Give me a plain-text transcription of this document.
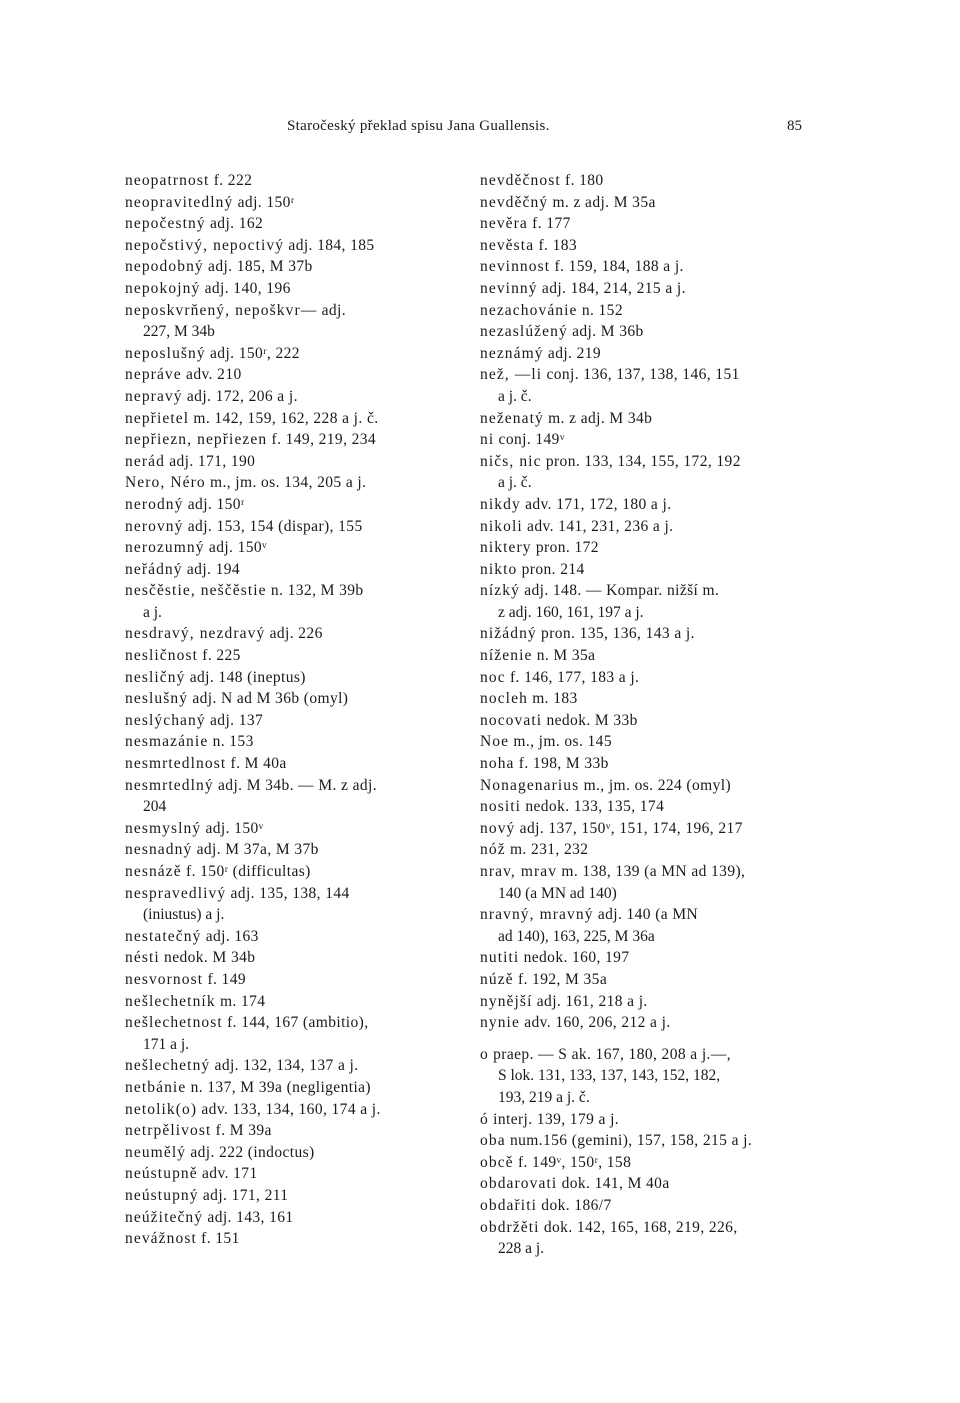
Staročeský překlad spisu Jana Guallensis.	85
neopatrnost f. 222
neopravitedlný adj. 150ʳ
nepočestný adj. 162
nepočstivý, nepoctivý adj. 184, 185
nepodobný adj. 185, M 37b
nepokojný adj. 140, 196
neposkvrňený, nepoškvr— adj.
227, M 34b
neposlušný adj. 150ʳ, 222
nepráve adv. 210
nepravý adj. 172, 206 a j.
nepřietel m. 142, 159, 162, 228 a j. č.
nepřiezn, nepřiezen f. 149, 219, 234
nerád adj. 171, 190
Nero, Néro m., jm. os. 134, 205 a j.
nerodný adj. 150ʳ
nerovný adj. 153, 154 (dispar), 155
nerozumný adj. 150ᵛ
neřádný adj. 194
nesčěstie, neščěstie n. 132, M 39b
a j.
nesdravý, nezdravý adj. 226
nesličnost f. 225
nesličný adj. 148 (ineptus)
neslušný adj. N ad M 36b (omyl)
neslýchaný adj. 137
nesmazánie n. 153
nesmrtedlnost f. M 40a
nesmrtedlný adj. M 34b. — M. z adj.
204
nesmyslný adj. 150ᵛ
nesnadný adj. M 37a, M 37b
nesnázě f. 150ʳ (difficultas)
nespravedlivý adj. 135, 138, 144
(iniustus) a j.
nestatečný adj. 163
nésti nedok. M 34b
nesvornost f. 149
nešlechetník m. 174
nešlechetnost f. 144, 167 (ambitio),
171 a j.
nešlechetný adj. 132, 134, 137 a j.
netbánie n. 137, M 39a (negligentia)
netolik(o) adv. 133, 134, 160, 174 a j.
netrpělivost f. M 39a
neumělý adj. 222 (indoctus)
neústupně adv. 171
neústupný adj. 171, 211
neúžitečný adj. 143, 161
nevážnost f. 151
nevděčnost f. 180
nevděčný m. z adj. M 35a
nevěra f. 177
nevěsta f. 183
nevinnost f. 159, 184, 188 a j.
nevinný adj. 184, 214, 215 a j.
nezachovánie n. 152
nezaslúžený adj. M 36b
neznámý adj. 219
než, —li conj. 136, 137, 138, 146, 151
a j. č.
neženatý m. z adj. M 34b
ni conj. 149ᵛ
ničs, nic pron. 133, 134, 155, 172, 192
a j. č.
nikdy adv. 171, 172, 180 a j.
nikoli adv. 141, 231, 236 a j.
niktery pron. 172
nikto pron. 214
nízký adj. 148. — Kompar. nižší m.
z adj. 160, 161, 197 a j.
nižádný pron. 135, 136, 143 a j.
níženie n. M 35a
noc f. 146, 177, 183 a j.
nocleh m. 183
nocovati nedok. M 33b
Noe m., jm. os. 145
noha f. 198, M 33b
Nonagenarius m., jm. os. 224 (omyl)
nositi nedok. 133, 135, 174
nový adj. 137, 150ᵛ, 151, 174, 196, 217
nóž m. 231, 232
nrav, mrav m. 138, 139 (a MN ad 139),
140 (a MN ad 140)
nravný, mravný adj. 140 (a MN
ad 140), 163, 225, M 36a
nutiti nedok. 160, 197
núzě f. 192, M 35a
nynější adj. 161, 218 a j.
nynie adv. 160, 206, 212 a j.
o praep. — S ak. 167, 180, 208 a j.—,
S lok. 131, 133, 137, 143, 152, 182,
193, 219 a j. č.
ó interj. 139, 179 a j.
oba num.156 (gemini), 157, 158, 215 a j.
obcě f. 149ᵛ, 150ʳ, 158
obdarovati dok. 141, M 40a
obdařiti dok. 186/7
obdržěti dok. 142, 165, 168, 219, 226,
228 a j.
